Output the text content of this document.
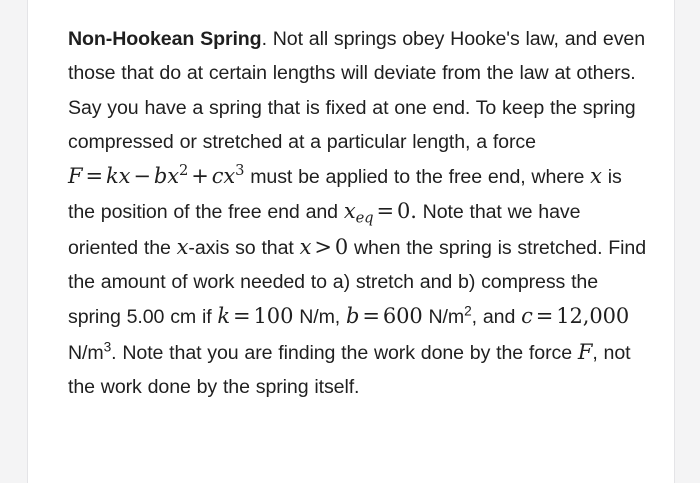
Non-Hookean Spring. Not all springs obey Hooke's law, and even those that do at certain lengths will deviate from the law at others. Say you have a spring that is fixed at one end. To keep the spring compressed or stretched at a particular length, a force F = kx − $bx^2 + cx^3$ must be applied to the free end, where x is the position of the free end and $x_{eq} = 0$. Note that we have oriented the x-axis so that x > 0 when the spring is stretched. Find the amount of work needed to a) stretch and b) compress the spring 5.00 cm if k = 100 N/m, b = 600 $N/m^2$, and c = 12,000 $N/m^3$. Note that you are finding the work done by the force F, not the work done by the spring itself.
